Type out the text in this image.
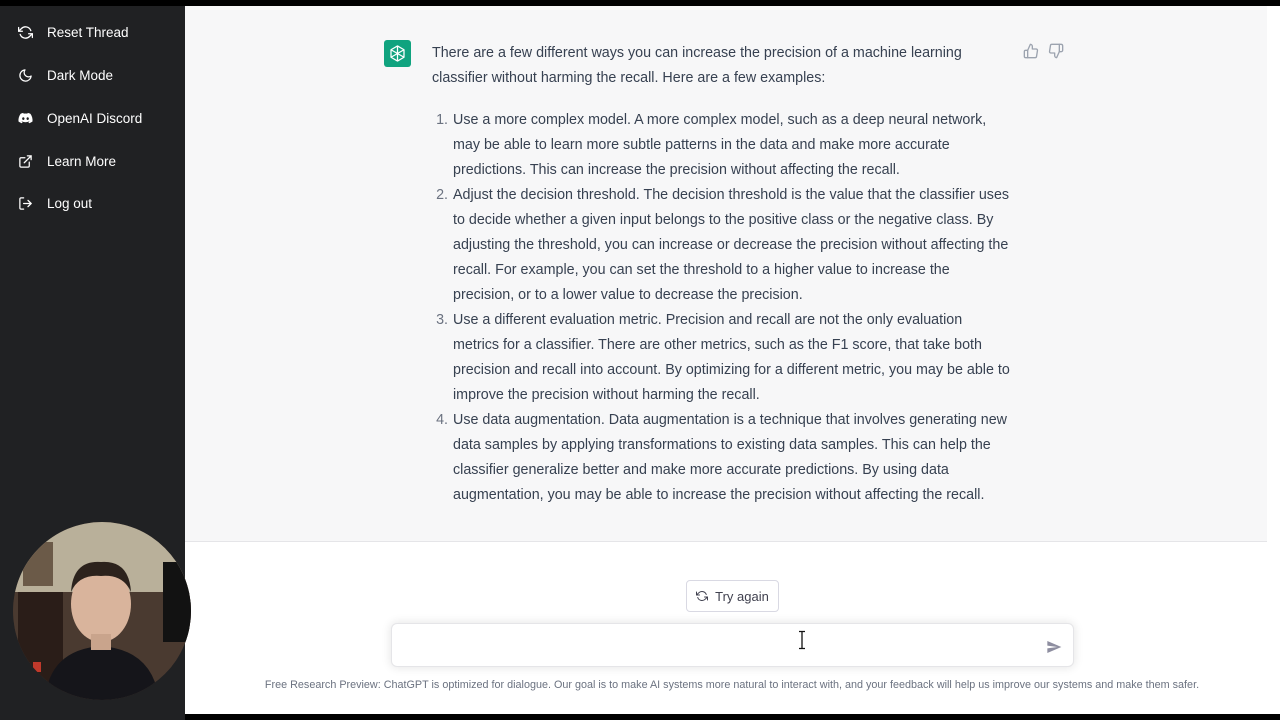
Reset Thread
Dark Mode
OpenAI Discord
Learn More
Log out

There are a few different ways you can increase the precision of a machine learning classifier without harming the recall. Here are a few examples:

1. Use a more complex model. A more complex model, such as a deep neural network, may be able to learn more subtle patterns in the data and make more accurate predictions. This can increase the precision without affecting the recall.
2. Adjust the decision threshold. The decision threshold is the value that the classifier uses to decide whether a given input belongs to the positive class or the negative class. By adjusting the threshold, you can increase or decrease the precision without affecting the recall. For example, you can set the threshold to a higher value to increase the precision, or to a lower value to decrease the precision.
3. Use a different evaluation metric. Precision and recall are not the only evaluation metrics for a classifier. There are other metrics, such as the F1 score, that take both precision and recall into account. By optimizing for a different metric, you may be able to improve the precision without harming the recall.
4. Use data augmentation. Data augmentation is a technique that involves generating new data samples by applying transformations to existing data samples. This can help the classifier generalize better and make more accurate predictions. By using data augmentation, you may be able to increase the precision without affecting the recall.
Try again
Free Research Preview: ChatGPT is optimized for dialogue. Our goal is to make AI systems more natural to interact with, and your feedback will help us improve our systems and make them safer.
